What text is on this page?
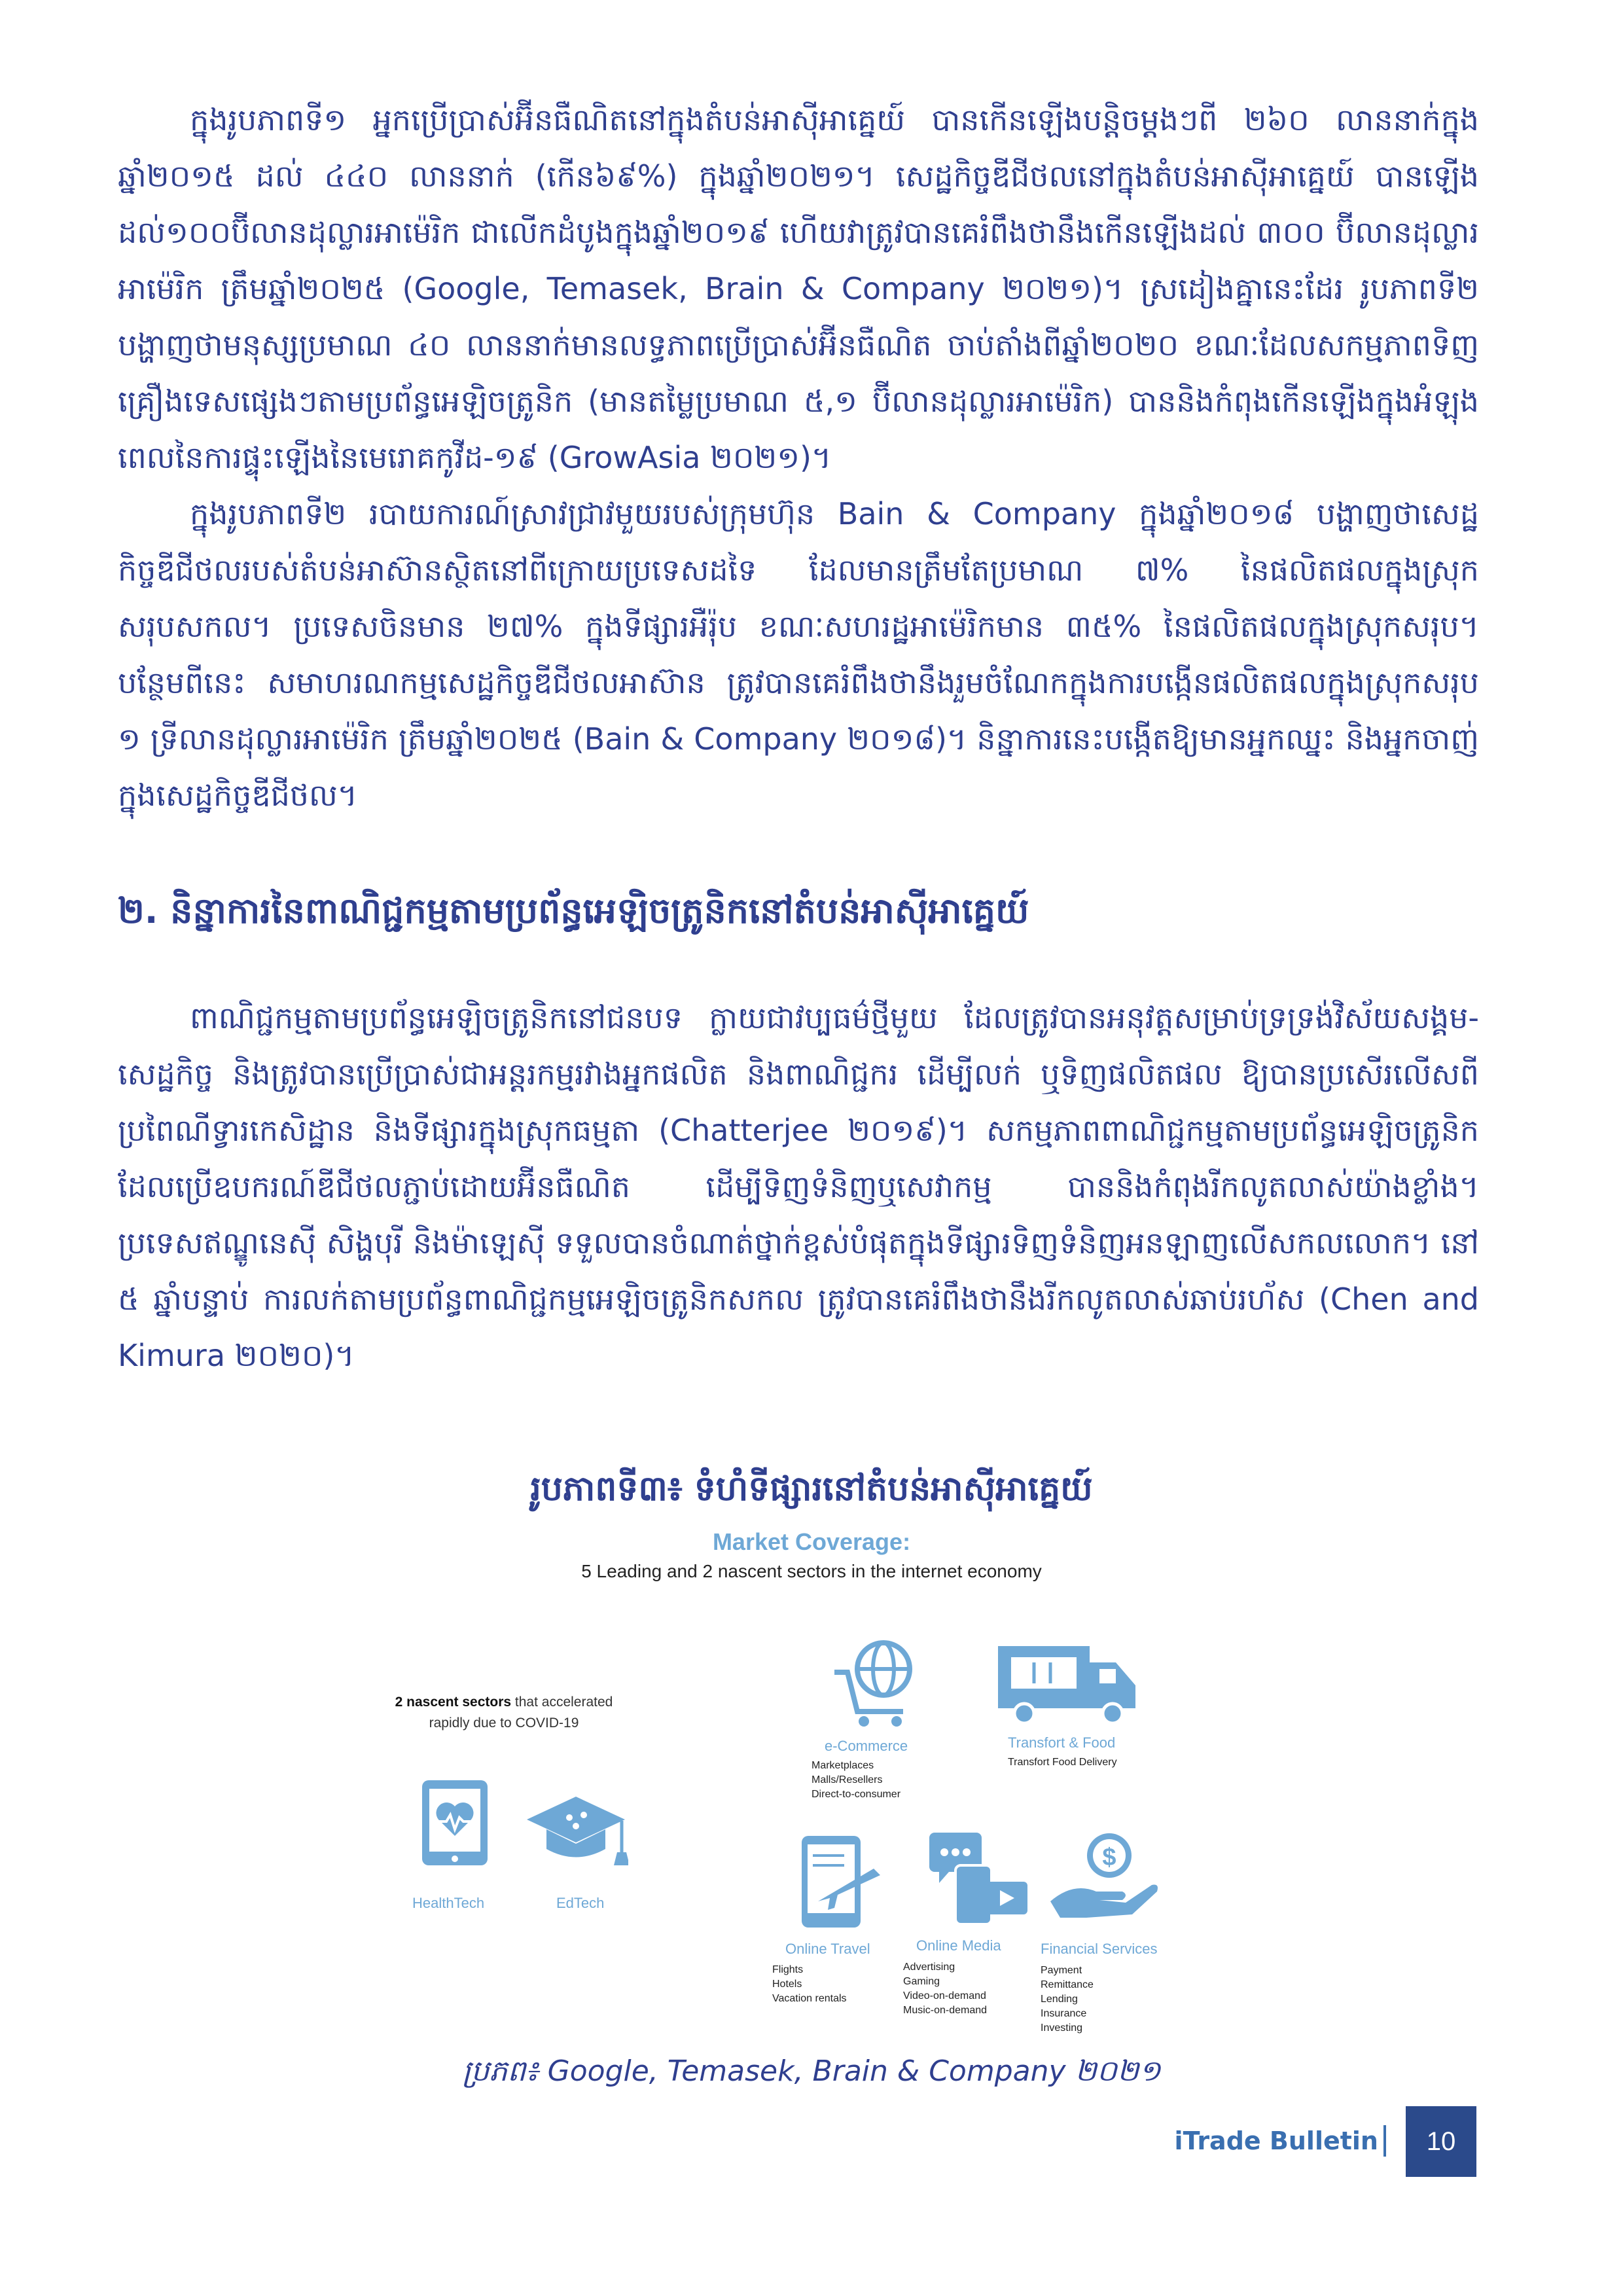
ក្នុងរូបភាពទី១ អ្នកប្រើប្រាស់អ៊ីនធឺណិតនៅក្នុងតំបន់អាស៊ីអាគ្នេយ៍ បានកើនឡើងបន្តិចម្តងៗពី ២៦០ លាននាក់ក្នុងឆ្នាំ២០១៥ ដល់ ៤៤០ លាននាក់ (កើន៦៩%) ក្នុងឆ្នាំ២០២១។ សេដ្ឋកិច្ចឌីជីថលនៅក្នុងតំបន់អាស៊ីអាគ្នេយ៍ បានឡើងដល់១០០ប៊ីលានដុល្លារអាម៉េរិក ជាលើកដំបូងក្នុងឆ្នាំ២០១៩ ហើយវាត្រូវបានគេរំពឹងថានឹងកើនឡើងដល់ ៣០០ ប៊ីលានដុល្លារអាម៉េរិក ត្រឹមឆ្នាំ២០២៥ (Google, Temasek, Brain & Company ២០២១)។ ស្រដៀងគ្នានេះដែរ រូបភាពទី២ បង្ហាញថាមនុស្សប្រមាណ ៤០ លាននាក់មានលទ្ធភាពប្រើប្រាស់អ៊ីនធឺណិត ចាប់តាំងពីឆ្នាំ២០២០ ខណៈដែលសកម្មភាពទិញគ្រឿងទេសផ្សេងៗតាមប្រព័ន្ធអេឡិចត្រូនិក (មានតម្លៃប្រមាណ ៥,១ ប៊ីលានដុល្លារអាម៉េរិក) បាននិងកំពុងកើនឡើងក្នុងអំឡុងពេលនៃការផ្ទុះឡើងនៃមេរោគកូវីដ-១៩ (GrowAsia ២០២១)។

ក្នុងរូបភាពទី២ របាយការណ៍ស្រាវជ្រាវមួយរបស់ក្រុមហ៊ុន Bain & Company ក្នុងឆ្នាំ២០១៨ បង្ហាញថាសេដ្ឋកិច្ចឌីជីថលរបស់តំបន់អាស៊ានស្ថិតនៅពីក្រោយប្រទេសដទៃ ដែលមានត្រឹមតែប្រមាណ ៧% នៃផលិតផលក្នុងស្រុកសរុបសកល។ ប្រទេសចិនមាន ២៧% ក្នុងទីផ្សារអឺរ៉ុប ខណៈសហរដ្ឋអាម៉េរិកមាន ៣៥% នៃផលិតផលក្នុងស្រុកសរុប។ បន្ថែមពីនេះ សមាហរណកម្មសេដ្ឋកិច្ចឌីជីថលអាស៊ាន ត្រូវបានគេរំពឹងថានឹងរួមចំណែកក្នុងការបង្កើនផលិតផលក្នុងស្រុកសរុប ១ ទ្រីលានដុល្លារអាម៉េរិក ត្រឹមឆ្នាំ២០២៥ (Bain & Company ២០១៨)។ និន្នាការនេះបង្កើតឱ្យមានអ្នកឈ្នះ និងអ្នកចាញ់ក្នុងសេដ្ឋកិច្ចឌីជីថល។

២. និន្នាការនៃពាណិជ្ជកម្មតាមប្រព័ន្ធអេឡិចត្រូនិកនៅតំបន់អាស៊ីអាគ្នេយ៍

ពាណិជ្ជកម្មតាមប្រព័ន្ធអេឡិចត្រូនិកនៅជនបទ ក្លាយជាវប្បធម៌ថ្មីមួយ ដែលត្រូវបានអនុវត្តសម្រាប់ទ្រទ្រង់វិស័យសង្គម-សេដ្ឋកិច្ច និងត្រូវបានប្រើប្រាស់ជាអន្តរកម្មរវាងអ្នកផលិត និងពាណិជ្ជករ ដើម្បីលក់ ឬទិញផលិតផល ឱ្យបានប្រសើរលើសពីប្រពៃណីទ្វារកេសិដ្ឋាន និងទីផ្សារក្នុងស្រុកធម្មតា (Chatterjee ២០១៩)។ សកម្មភាពពាណិជ្ជកម្មតាមប្រព័ន្ធអេឡិចត្រូនិក ដែលប្រើឧបករណ៍ឌីជីថលភ្ជាប់ដោយអ៊ីនធឺណិត ដើម្បីទិញទំនិញឬសេវាកម្ម បាននិងកំពុងរីកលូតលាស់យ៉ាងខ្លាំង។ ប្រទេសឥណ្ឌូនេស៊ី សិង្ហបុរី និងម៉ាឡេស៊ី ទទួលបានចំណាត់ថ្នាក់ខ្ពស់បំផុតក្នុងទីផ្សារទិញទំនិញអនឡាញលើសកលលោក។ នៅ ៥ ឆ្នាំបន្ទាប់ ការលក់តាមប្រព័ន្ធពាណិជ្ជកម្មអេឡិចត្រូនិកសកល ត្រូវបានគេរំពឹងថានឹងរីកលូតលាស់ឆាប់រហ័ស (Chen and Kimura ២០២០)។

រូបភាពទី៣៖ ទំហំទីផ្សារនៅតំបន់អាស៊ីអាគ្នេយ៍
Market Coverage:
5 Leading and 2 nascent sectors in the internet economy
2 nascent sectors that accelerated rapidly due to COVID-19
HealthTech	EdTech
e-Commerce
Marketplaces
Malls/Resellers
Direct-to-consumer
Transfort & Food
Transfort Food Delivery
Online Travel
Flights
Hotels
Vacation rentals
Online Media
Advertising
Gaming
Video-on-demand
Music-on-demand
$
Financial Services
Payment
Remittance
Lending
Insurance
Investing
ប្រភព៖ Google, Temasek, Brain & Company ២០២១
iTrade Bulletin	10
